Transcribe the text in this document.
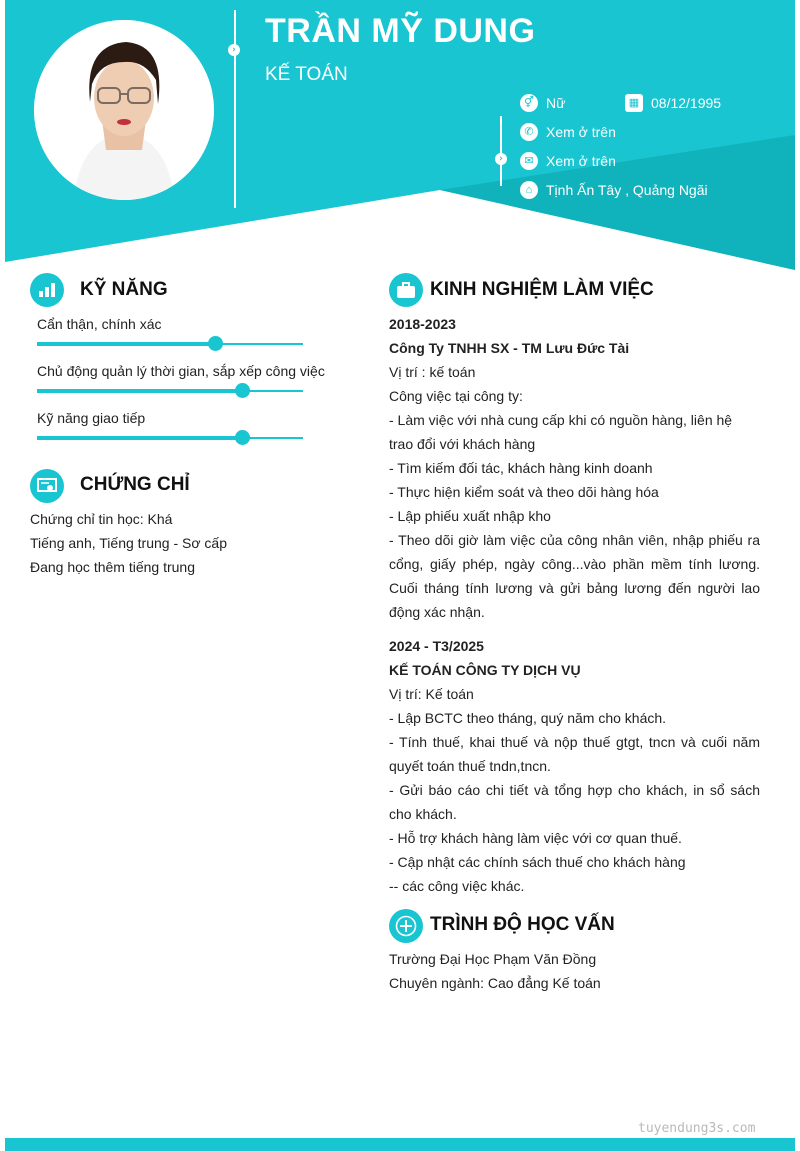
› TRẦN MỸ DUNG
KẾ TOÁN
›
⚥ Nữ	▦ 08/12/1995
✆ Xem ở trên
✉ Xem ở trên
⌂ Tịnh Ấn Tây , Quảng Ngãi
KỸ NĂNG
Cẩn thận, chính xác
Chủ động quản lý thời gian, sắp xếp công việc
Kỹ năng giao tiếp
CHỨNG CHỈ
Chứng chỉ tin học: Khá
Tiếng anh, Tiếng trung - Sơ cấp
Đang học thêm tiếng trung
KINH NGHIỆM LÀM VIỆC
2018-2023
Công Ty TNHH SX - TM Lưu Đức Tài
Vị trí : kế toán
Công việc tại công ty:
- Làm việc với nhà cung cấp khi có nguồn hàng, liên hệ trao đổi với khách hàng
- Tìm kiếm đối tác, khách hàng kinh doanh
- Thực hiện kiểm soát và theo dõi hàng hóa
- Lập phiếu xuất nhập kho
- Theo dõi giờ làm việc của công nhân viên, nhập phiếu ra cổng, giấy phép, ngày công...vào phần mềm tính lương. Cuối tháng tính lương và gửi bảng lương đến người lao động xác nhận.
2024 - T3/2025
KẾ TOÁN CÔNG TY DỊCH VỤ
Vị trí: Kế toán
- Lập BCTC theo tháng, quý năm cho khách.
- Tính thuế, khai thuế và nộp thuế gtgt, tncn và cuối năm quyết toán thuế tndn,tncn.
- Gửi báo cáo chi tiết và tổng hợp cho khách, in sổ sách cho khách.
- Hỗ trợ khách hàng làm việc với cơ quan thuế.
- Cập nhật các chính sách thuế cho khách hàng
-- các công việc khác.
TRÌNH ĐỘ HỌC VẤN
Trường Đại Học Phạm Văn Đồng
Chuyên ngành: Cao đẳng Kế toán
tuyendung3s.com
